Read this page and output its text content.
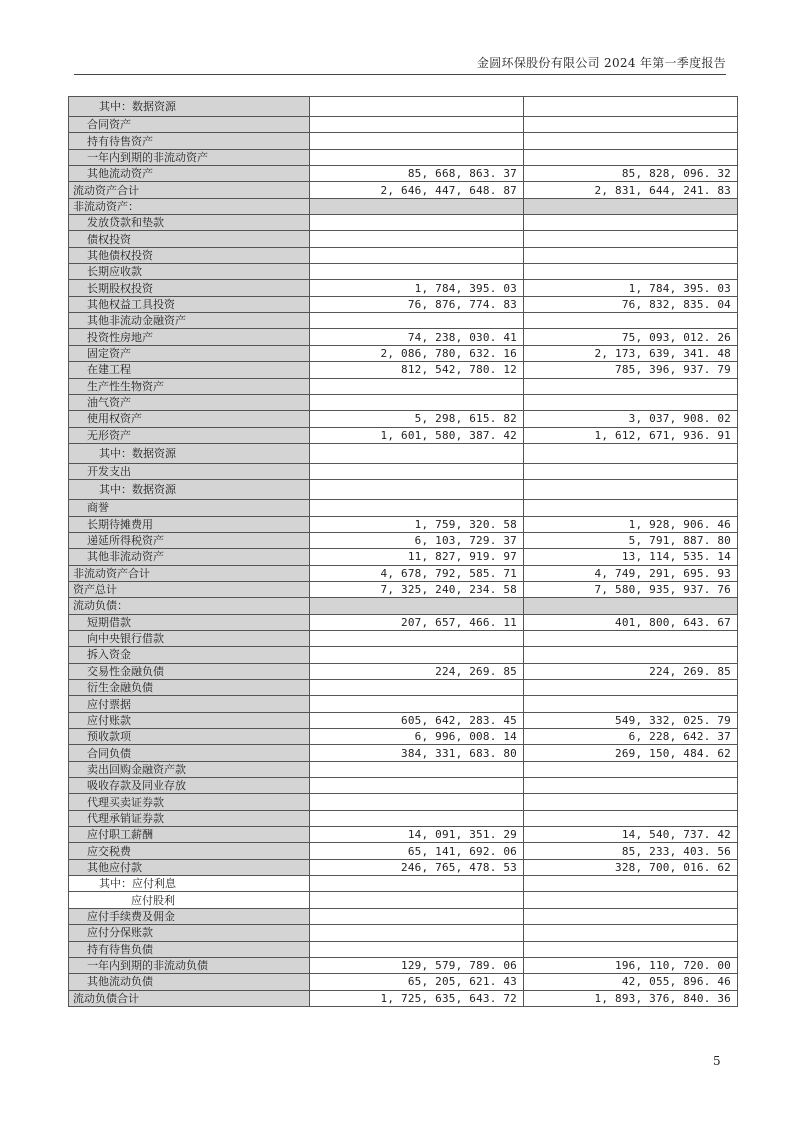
金圆环保股份有限公司 2024 年第一季度报告
其中：数据资源		
合同资产		
持有待售资产		
一年内到期的非流动资产		
其他流动资产	85, 668, 863. 37	85, 828, 096. 32
流动资产合计	2, 646, 447, 648. 87	2, 831, 644, 241. 83
非流动资产：		
发放贷款和垫款		
债权投资		
其他债权投资		
长期应收款		
长期股权投资	1, 784, 395. 03	1, 784, 395. 03
其他权益工具投资	76, 876, 774. 83	76, 832, 835. 04
其他非流动金融资产		
投资性房地产	74, 238, 030. 41	75, 093, 012. 26
固定资产	2, 086, 780, 632. 16	2, 173, 639, 341. 48
在建工程	812, 542, 780. 12	785, 396, 937. 79
生产性生物资产		
油气资产		
使用权资产	5, 298, 615. 82	3, 037, 908. 02
无形资产	1, 601, 580, 387. 42	1, 612, 671, 936. 91
其中：数据资源		
开发支出		
其中：数据资源		
商誉		
长期待摊费用	1, 759, 320. 58	1, 928, 906. 46
递延所得税资产	6, 103, 729. 37	5, 791, 887. 80
其他非流动资产	11, 827, 919. 97	13, 114, 535. 14
非流动资产合计	4, 678, 792, 585. 71	4, 749, 291, 695. 93
资产总计	7, 325, 240, 234. 58	7, 580, 935, 937. 76
流动负债：		
短期借款	207, 657, 466. 11	401, 800, 643. 67
向中央银行借款		
拆入资金		
交易性金融负债	224, 269. 85	224, 269. 85
衍生金融负债		
应付票据		
应付账款	605, 642, 283. 45	549, 332, 025. 79
预收款项	6, 996, 008. 14	6, 228, 642. 37
合同负债	384, 331, 683. 80	269, 150, 484. 62
卖出回购金融资产款		
吸收存款及同业存放		
代理买卖证券款		
代理承销证券款		
应付职工薪酬	14, 091, 351. 29	14, 540, 737. 42
应交税费	65, 141, 692. 06	85, 233, 403. 56
其他应付款	246, 765, 478. 53	328, 700, 016. 62
其中：应付利息		
应付股利		
应付手续费及佣金		
应付分保账款		
持有待售负债		
一年内到期的非流动负债	129, 579, 789. 06	196, 110, 720. 00
其他流动负债	65, 205, 621. 43	42, 055, 896. 46
流动负债合计	1, 725, 635, 643. 72	1, 893, 376, 840. 36
5
